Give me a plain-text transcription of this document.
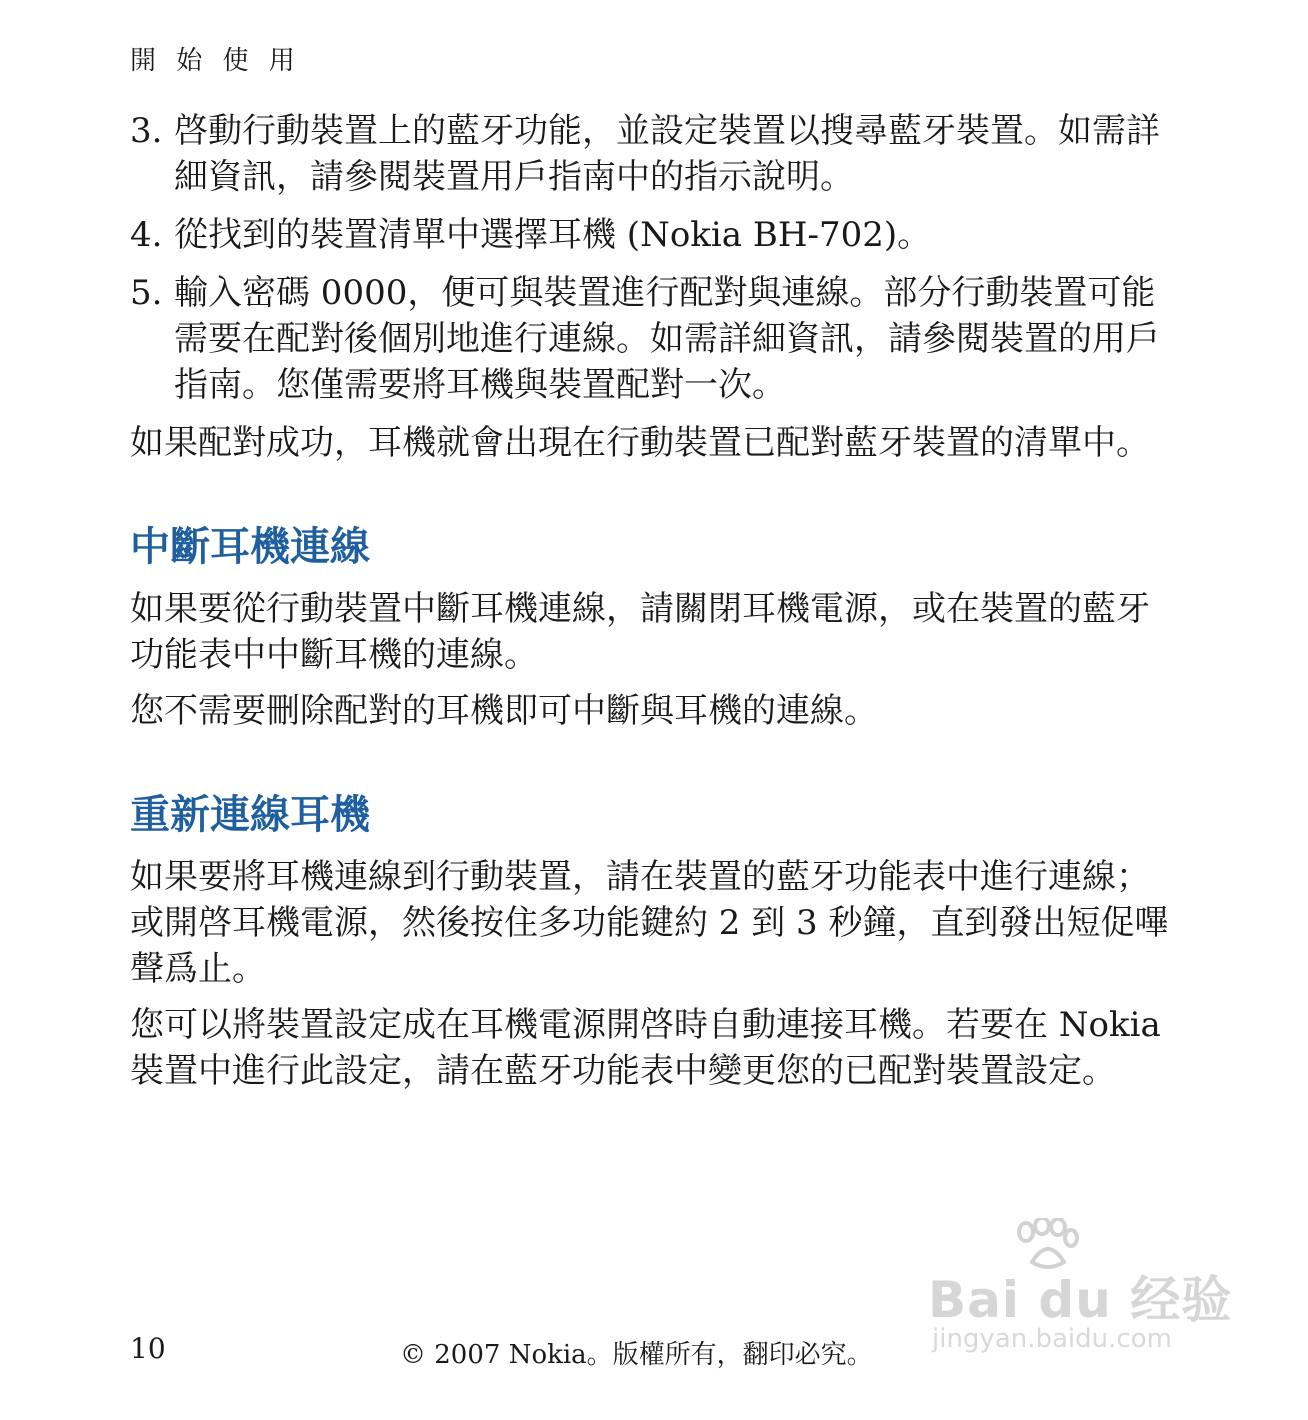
開 始 使 用
3. 啓動行動裝置上的藍牙功能，並設定裝置以搜尋藍牙裝置。如需詳細資訊，請參閱裝置用戶指南中的指示說明。
4. 從找到的裝置清單中選擇耳機 (Nokia BH-702)。
5. 輸入密碼 0000，便可與裝置進行配對與連線。部分行動裝置可能需要在配對後個別地進行連線。如需詳細資訊，請參閱裝置的用戶指南。您僅需要將耳機與裝置配對一次。

如果配對成功，耳機就會出現在行動裝置已配對藍牙裝置的清單中。

中斷耳機連線

如果要從行動裝置中斷耳機連線，請關閉耳機電源，或在裝置的藍牙功能表中中斷耳機的連線。

您不需要刪除配對的耳機即可中斷與耳機的連線。

重新連線耳機

如果要將耳機連線到行動裝置，請在裝置的藍牙功能表中進行連線；或開啓耳機電源，然後按住多功能鍵約 2 到 3 秒鐘，直到發出短促嗶聲爲止。

您可以將裝置設定成在耳機電源開啓時自動連接耳機。若要在 Nokia 裝置中進行此設定，請在藍牙功能表中變更您的已配對裝置設定。

Bai du 经验
jingyan.baidu.com
10	© 2007 Nokia。版權所有，翻印必究。
